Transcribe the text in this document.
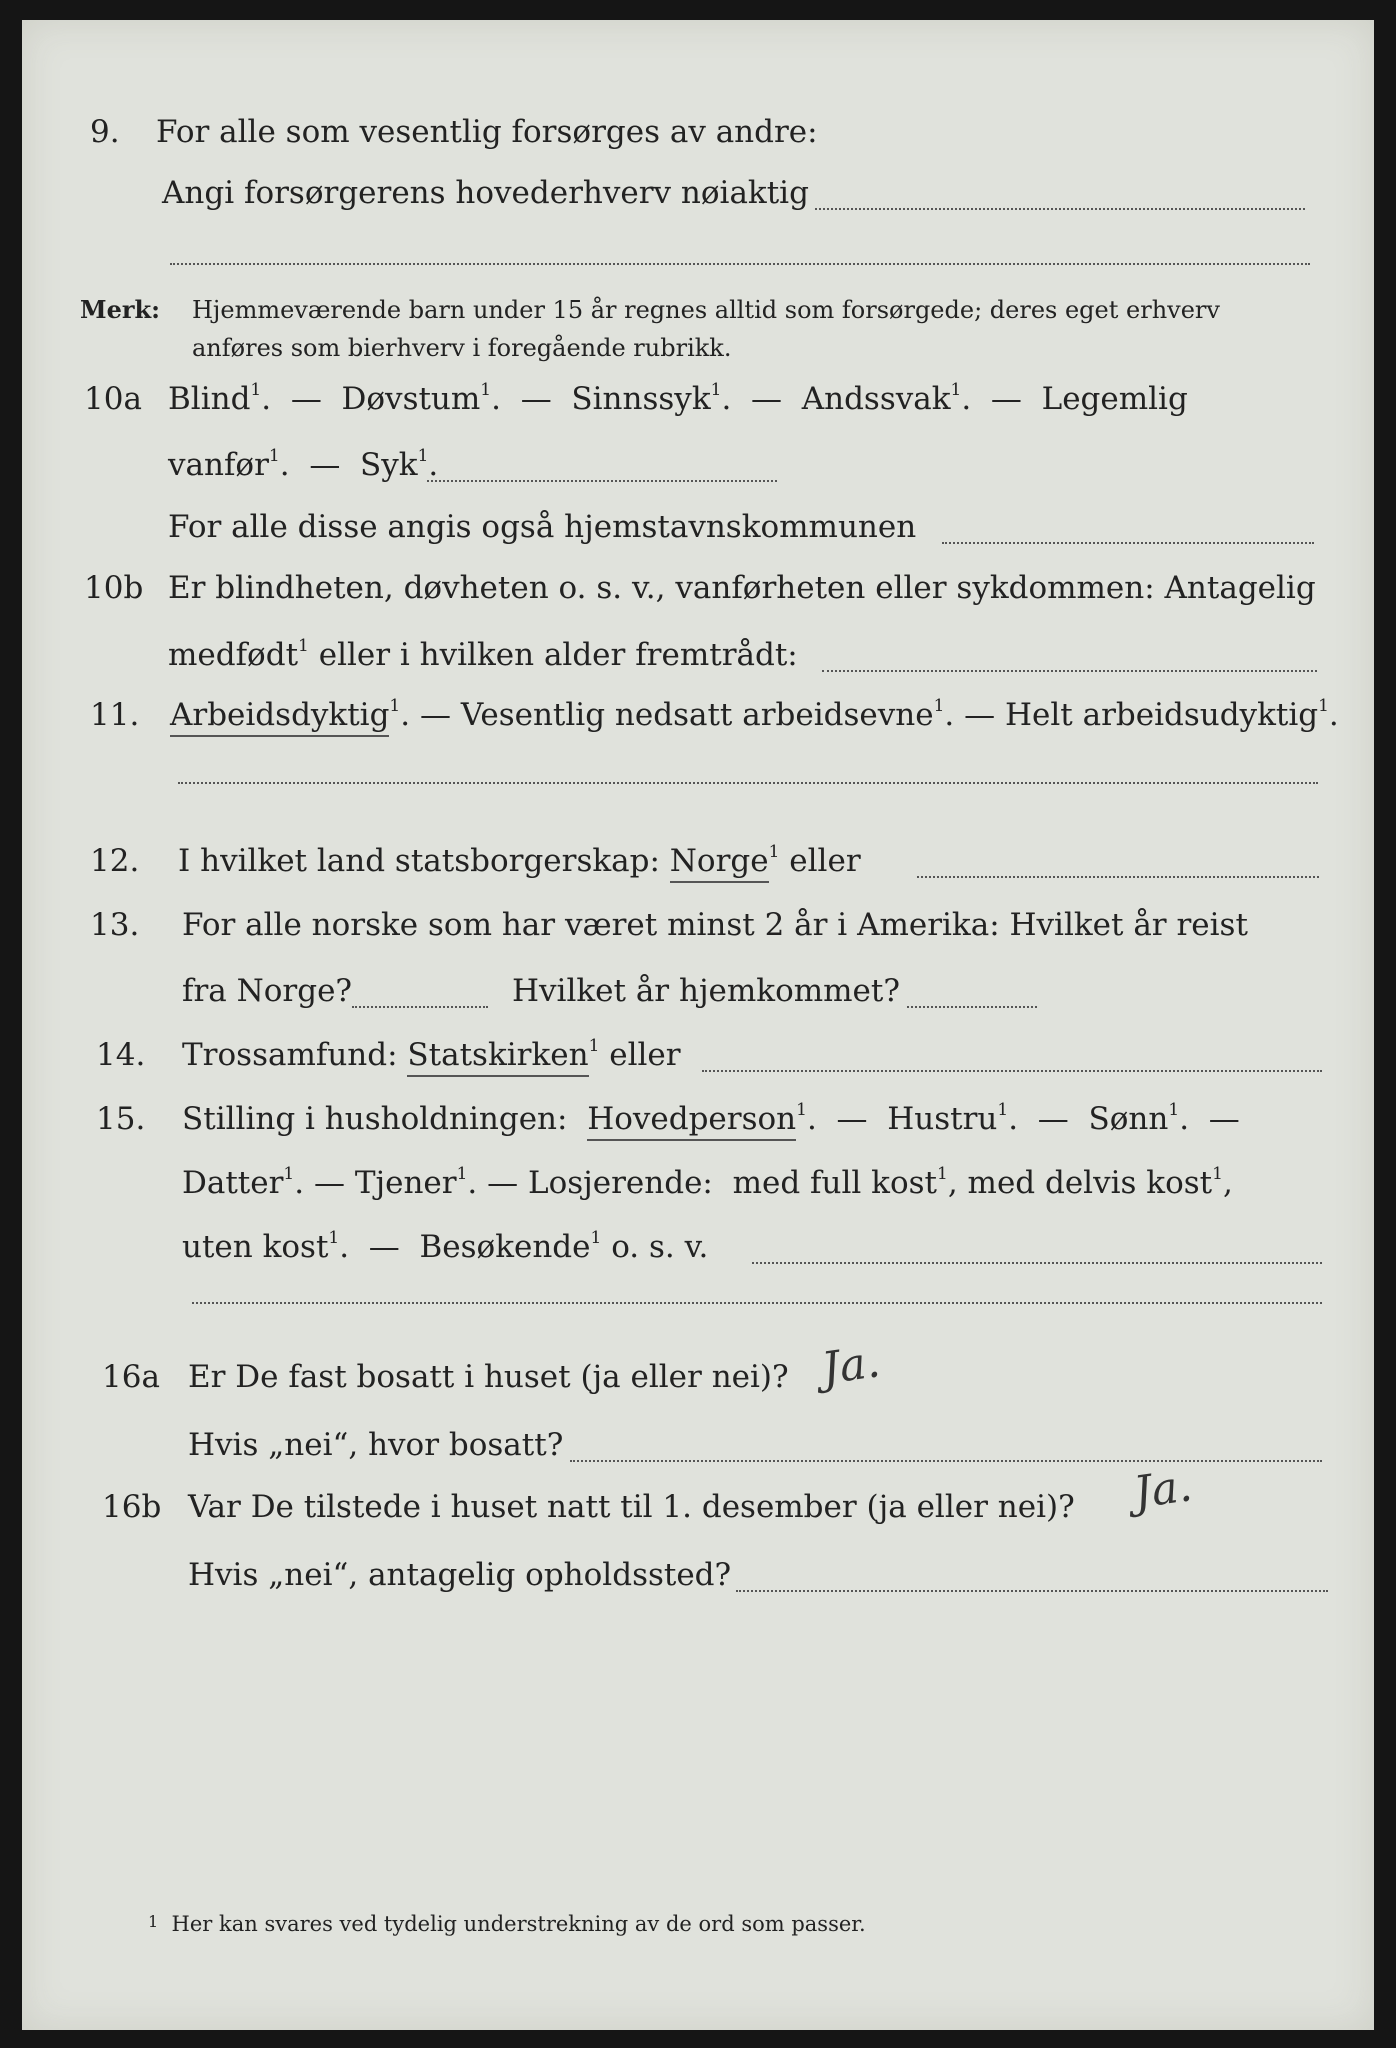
9. For alle som vesentlig forsørges av andre:
Angi forsørgerens hovederhverv nøiaktig
Merk: Hjemmeværende barn under 15 år regnes alltid som forsørgede; deres eget erhverv
anføres som bierhverv i foregående rubrikk.
10a Blind$^1$.  — Døvstum$^1$.  — Sinnssyk$^1$.  — Andssvak$^1$.  — Legemlig
vanfør$^1$.  — Syk$^1$.
For alle disse angis også hjemstavnskommunen
10b Er blindheten, døvheten o. s. v., vanførheten eller sykdommen: Antagelig
medfødt$^1$ eller i hvilken alder fremtrådt:
11. Arbeidsdyktig$^1$. — Vesentlig nedsatt arbeidsevne$^1$. — Helt arbeidsudyktig$^1$.
12. I hvilket land statsborgerskap: Norge$^1$ eller
13. For alle norske som har været minst 2 år i Amerika: Hvilket år reist
fra Norge?	Hvilket år hjemkommet?
14. Trossamfund: Statskirken$^1$ eller
15. Stilling i husholdningen: Hovedperson$^1$.  — Hustru$^1$.  — Sønn$^1$.  —
Datter$^1$. — Tjener$^1$. — Losjerende: med full kost$^1$, med delvis kost$^1$,
uten kost$^1$.  — Besøkende$^1$ o. s. v.
16a Er De fast bosatt i huset (ja eller nei)? Ja.
Hvis „nei“, hvor bosatt?
16b Var De tilstede i huset natt til 1. desember (ja eller nei)? Ja.
Hvis „nei“, antagelig opholdssted?
$^1$ Her kan svares ved tydelig understrekning av de ord som passer.
